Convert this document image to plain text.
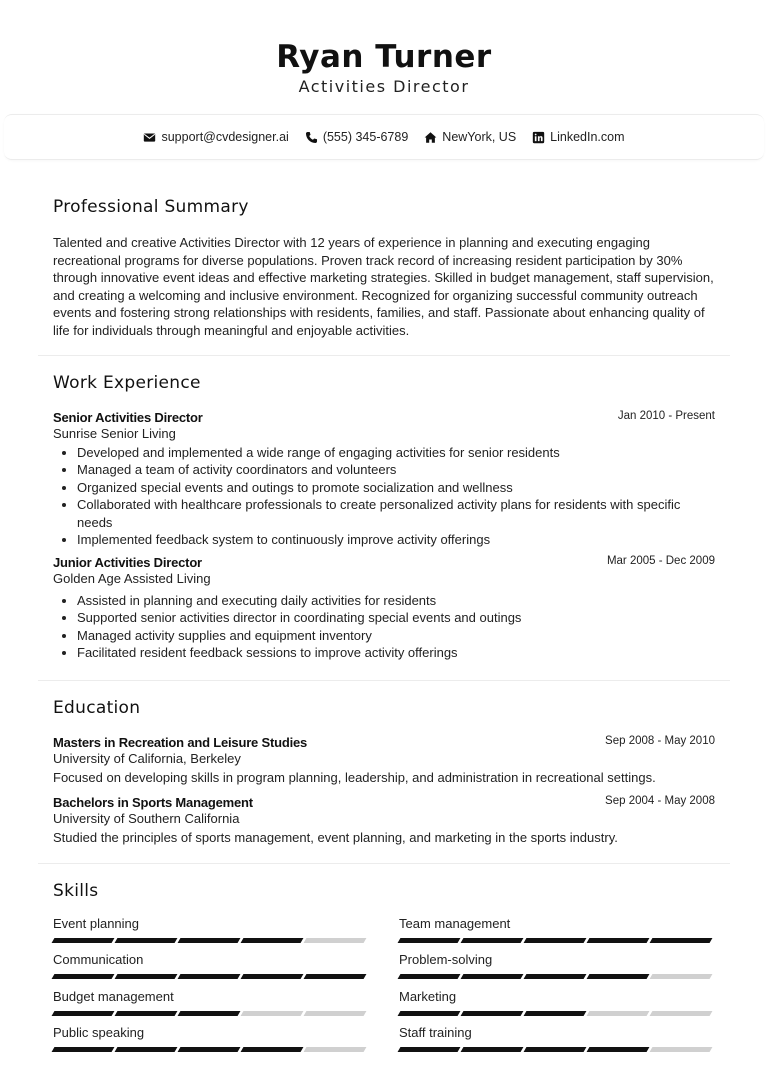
Ryan Turner
Activities Director
support@cvdesigner.ai	(555) 345-6789	NewYork, US	LinkedIn.com
Professional Summary

Talented and creative Activities Director with 12 years of experience in planning and executing engaging recreational programs for diverse populations. Proven track record of increasing resident participation by 30% through innovative event ideas and effective marketing strategies. Skilled in budget management, staff supervision, and creating a welcoming and inclusive environment. Recognized for organizing successful community outreach events and fostering strong relationships with residents, families, and staff. Passionate about enhancing quality of life for individuals through meaningful and enjoyable activities.

Work Experience
Senior Activities Director	Jan 2010 - Present
Sunrise Senior Living
• Developed and implemented a wide range of engaging activities for senior residents
• Managed a team of activity coordinators and volunteers
• Organized special events and outings to promote socialization and wellness
• Collaborated with healthcare professionals to create personalized activity plans for residents with specific needs
• Implemented feedback system to continuously improve activity offerings
Junior Activities Director	Mar 2005 - Dec 2009
Golden Age Assisted Living
• Assisted in planning and executing daily activities for residents
• Supported senior activities director in coordinating special events and outings
• Managed activity supplies and equipment inventory
• Facilitated resident feedback sessions to improve activity offerings
Education
Masters in Recreation and Leisure Studies	Sep 2008 - May 2010
University of California, Berkeley
Focused on developing skills in program planning, leadership, and administration in recreational settings.
Bachelors in Sports Management	Sep 2004 - May 2008
University of Southern California
Studied the principles of sports management, event planning, and marketing in the sports industry.
Skills
Event planning	Team management
Communication	Problem-solving
Budget management	Marketing
Public speaking	Staff training
